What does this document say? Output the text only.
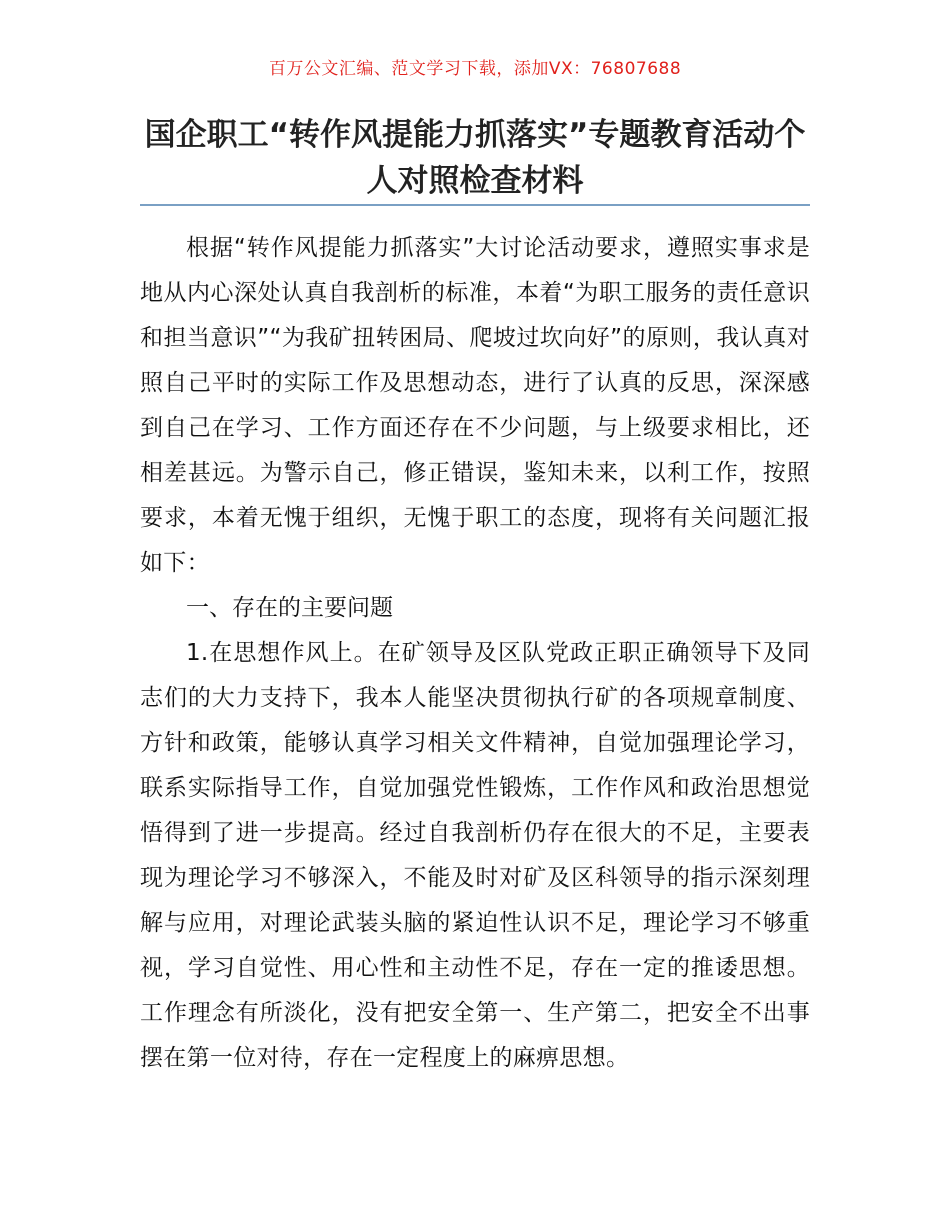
百万公文汇编、范文学习下载，添加VX：76807688
国企职工“转作风提能力抓落实”专题教育活动个人对照检查材料

根据“转作风提能力抓落实”大讨论活动要求，遵照实事求是地从内心深处认真自我剖析的标准，本着“为职工服务的责任意识和担当意识”“为我矿扭转困局、爬坡过坎向好”的原则，我认真对照自己平时的实际工作及思想动态，进行了认真的反思，深深感到自己在学习、工作方面还存在不少问题，与上级要求相比，还相差甚远。为警示自己，修正错误，鉴知未来，以利工作，按照要求，本着无愧于组织，无愧于职工的态度，现将有关问题汇报如下：

一、存在的主要问题

1.在思想作风上。在矿领导及区队党政正职正确领导下及同志们的大力支持下，我本人能坚决贯彻执行矿的各项规章制度、方针和政策，能够认真学习相关文件精神，自觉加强理论学习，联系实际指导工作，自觉加强党性锻炼，工作作风和政治思想觉悟得到了进一步提高。经过自我剖析仍存在很大的不足，主要表现为理论学习不够深入，不能及时对矿及区科领导的指示深刻理解与应用，对理论武装头脑的紧迫性认识不足，理论学习不够重视，学习自觉性、用心性和主动性不足，存在一定的推诿思想。工作理念有所淡化，没有把安全第一、生产第二，把安全不出事摆在第一位对待，存在一定程度上的麻痹思想。
